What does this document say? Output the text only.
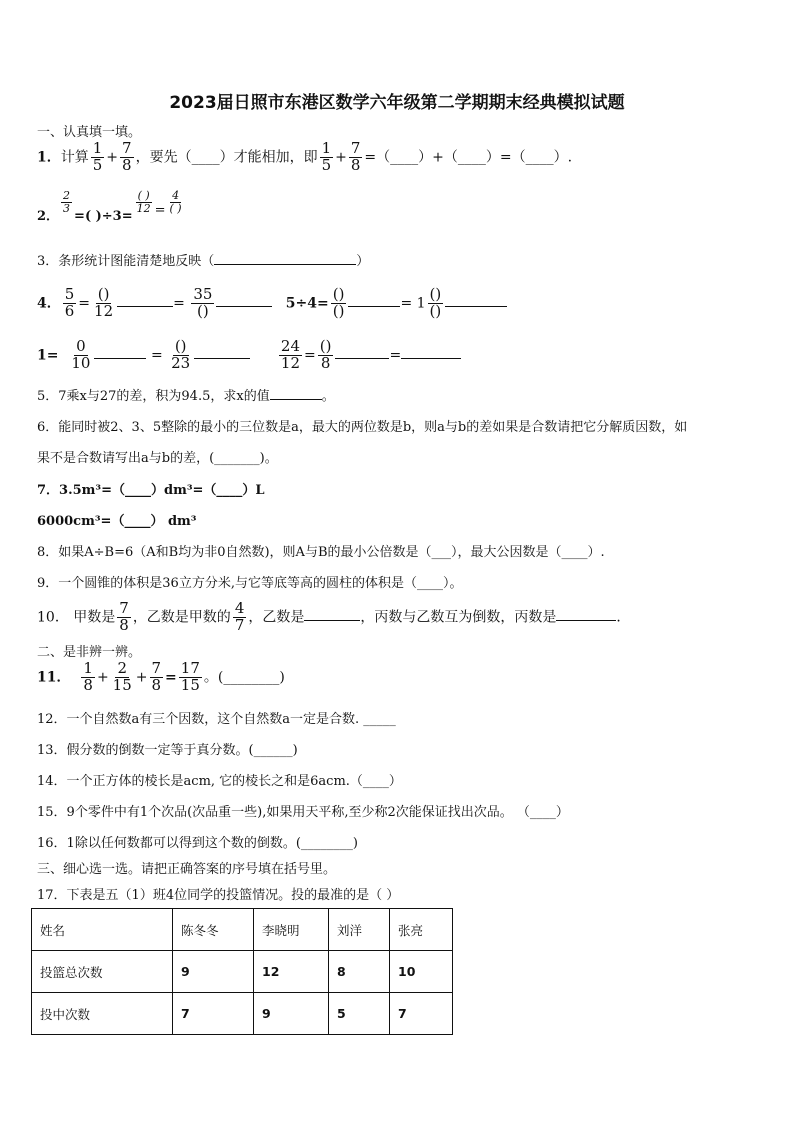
2023届日照市东港区数学六年级第二学期期末经典模拟试题
一、认真填一填。
1．计算 $\frac{1}{5} + \frac{7}{8}$ ，要先（____）才能相加，即 $\frac{1}{5} + \frac{7}{8}$ =（____）+（____）=（____）.
2．
$\frac{2}{3}$
=( )÷3=
$\frac{( )}{12} = \frac{4}{( )}$
3．条形统计图能清楚地反映（	）
4． $\frac{5}{6} = \frac{()}{12}$	= $\frac{35}{()}$	$5\div 4= \frac{()}{()}$	= $1 \frac{()}{()}$
$1= \frac{0}{10}$	= $\frac{()}{23}$
	$\frac{24}{12} = \frac{()}{8}$	=
5．7乘x与27的差，积为94.5，求x的值	。
6．能同时被2、3、5整除的最小的三位数是a，最大的两位数是b，则a与b的差如果是合数请把它分解质因数，如
果不是合数请写出a与b的差，(_______)。
7．3.5m³=（____）dm³=（____）L
6000cm³=（____） dm³
8．如果A÷B=6（A和B均为非0自然数)，则A与B的最小公倍数是（___），最大公因数是（____）.
9．一个圆锥的体积是36立方分米,与它等底等高的圆柱的体积是（____）。
10． 甲数是 $\frac{7}{8}$ ，乙数是甲数的 $\frac{4}{7}$ ，乙数是	，丙数与乙数互为倒数，丙数是	．
二、是非辨一辨。
11． $\frac{1}{8} + \frac{2}{15} + \frac{7}{8} = \frac{17}{15}$ 。(________)
12．一个自然数a有三个因数，这个自然数a一定是合数. _____
13．假分数的倒数一定等于真分数。(______)
14．一个正方体的棱长是acm, 它的棱长之和是6acm.（____）
15．9个零件中有1个次品(次品重一些),如果用天平称,至少称2次能保证找出次品。 （____）
16．1除以任何数都可以得到这个数的倒数。(________)
三、细心选一选。请把正确答案的序号填在括号里。
17．下表是五（1）班4位同学的投篮情况。投的最准的是（ ）
姓名	陈冬冬	李晓明	刘洋	张亮
投篮总次数	9	12	8	10
投中次数	7	9	5	7
